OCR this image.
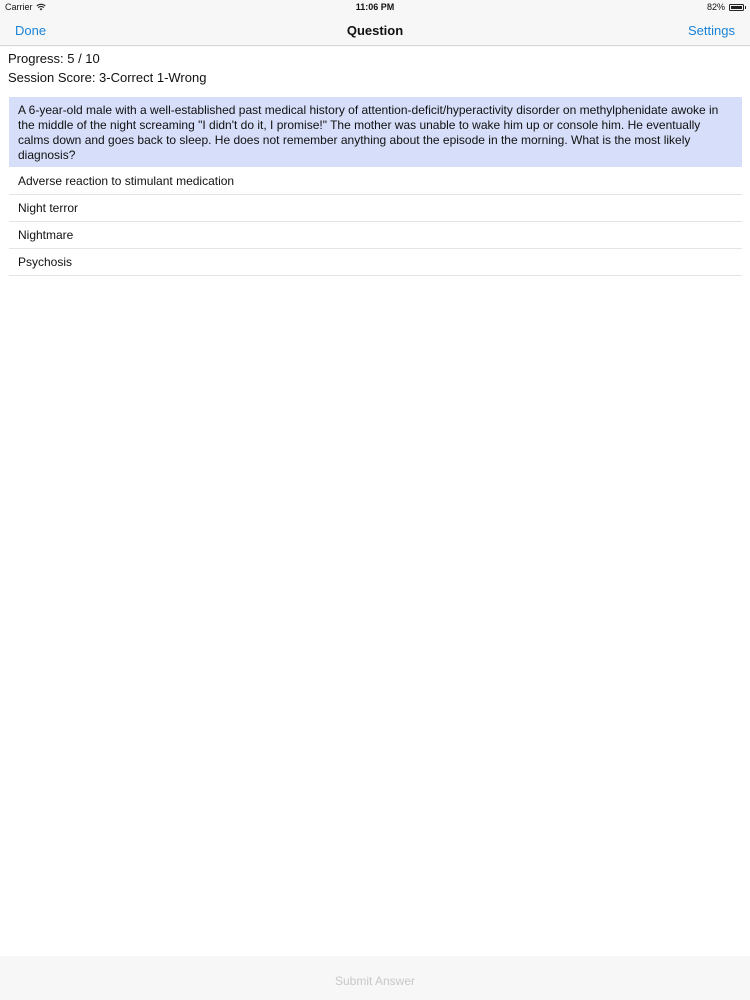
Carrier	11:06 PM	82%
Done	Question	Settings
Progress: 5 / 10
Session Score: 3-Correct 1-Wrong
A 6-year-old male with a well-established past medical history of attention-deficit/hyperactivity disorder on methylphenidate awoke in the middle of the night screaming "I didn't do it, I promise!" The mother was unable to wake him up or console him. He eventually calms down and goes back to sleep. He does not remember anything about the episode in the morning. What is the most likely diagnosis?
Adverse reaction to stimulant medication
Night terror
Nightmare
Psychosis
Submit Answer
